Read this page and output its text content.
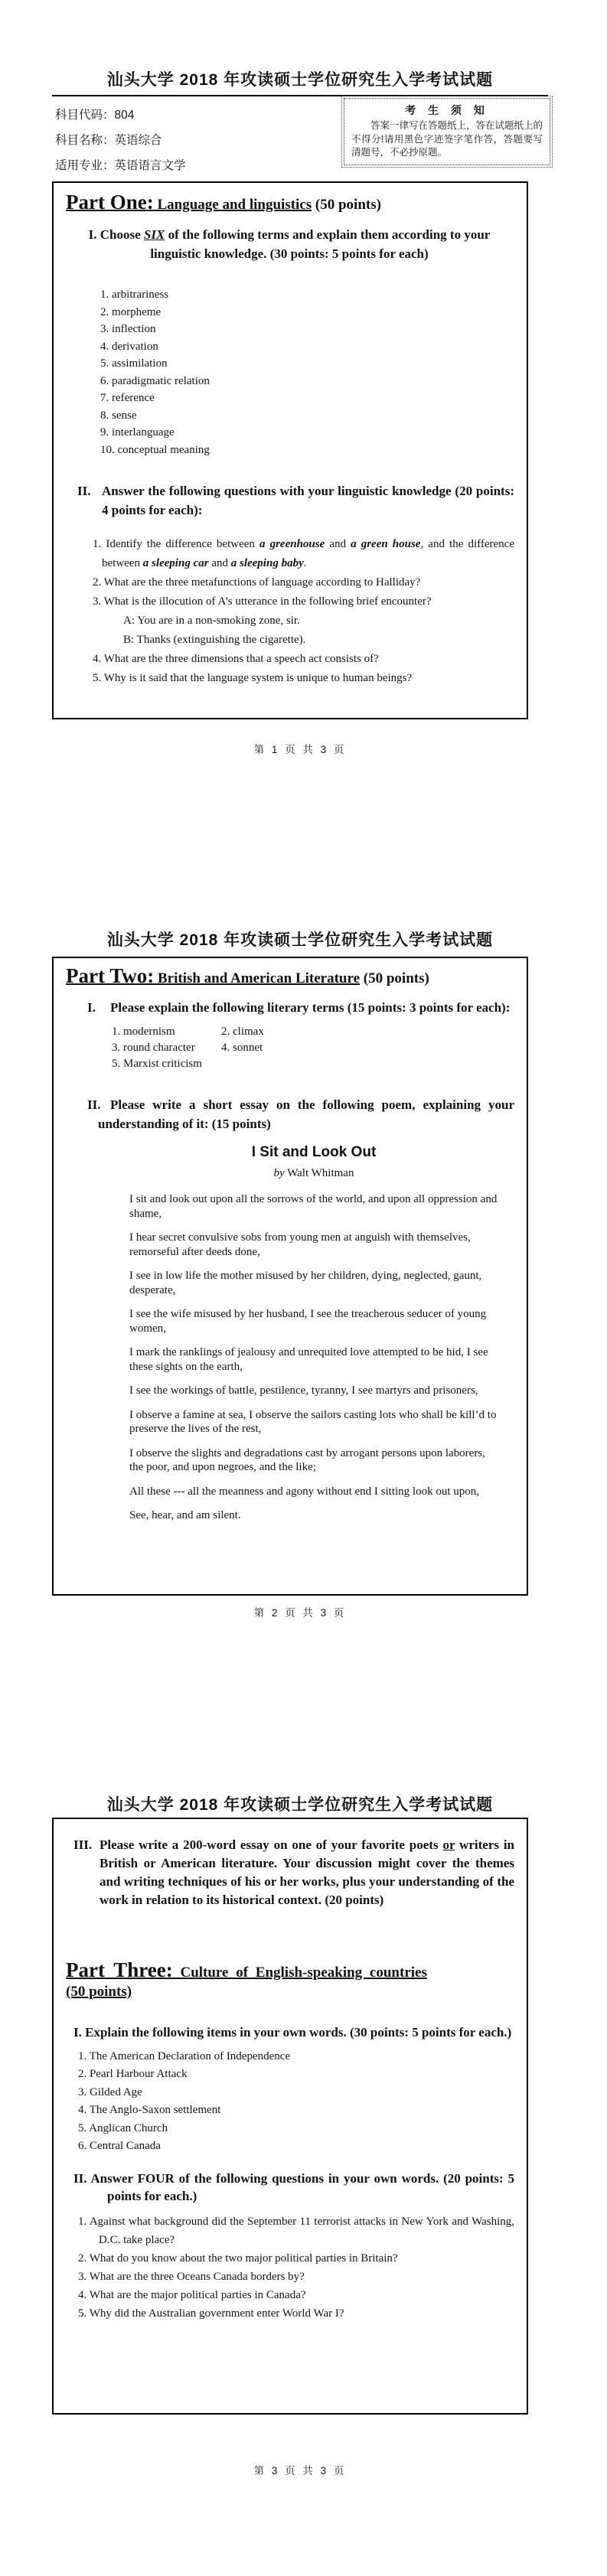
汕头大学 2018 年攻读硕士学位研究生入学考试试题
科目代码：804
科目名称：英语综合
适用专业：英语语言文学
考 生 须 知
答案一律写在答题纸上，答在试题纸上的不得分!请用黑色字迹签字笔作答，答题要写清题号，不必抄原题。
Part One: Language and linguistics (50 points)
I. Choose SIX of the following terms and explain them according to your linguistic knowledge. (30 points: 5 points for each)
1. arbitrariness
2. morpheme
3. inflection
4. derivation
5. assimilation
6. paradigmatic relation
7. reference
8. sense
9. interlanguage
10. conceptual meaning
II. Answer the following questions with your linguistic knowledge (20 points: 4 points for each):
1. Identify the difference between a greenhouse and a green house, and the difference between a sleeping car and a sleeping baby.
2. What are the three metafunctions of language according to Halliday?
3. What is the illocution of A’s utterance in the following brief encounter?
A: You are in a non-smoking zone, sir.
B: Thanks (extinguishing the cigarette).
4. What are the three dimensions that a speech act consists of?
5. Why is it said that the language system is unique to human beings?
第 1 页 共 3 页
汕头大学 2018 年攻读硕士学位研究生入学考试试题
Part Two: British and American Literature (50 points)
I. Please explain the following literary terms (15 points: 3 points for each):
1. modernism	2. climax
3. round character	4. sonnet
5. Marxist criticism
II. Please write a short essay on the following poem, explaining your understanding of it: (15 points)
I Sit and Look Out
by Walt Whitman

I sit and look out upon all the sorrows of the world, and upon all oppression and shame,

I hear secret convulsive sobs from young men at anguish with themselves, remorseful after deeds done,

I see in low life the mother misused by her children, dying, neglected, gaunt, desperate,

I see the wife misused by her husband, I see the treacherous seducer of young women,

I mark the ranklings of jealousy and unrequited love attempted to be hid, I see these sights on the earth,

I see the workings of battle, pestilence, tyranny, I see martyrs and prisoners,

I observe a famine at sea, I observe the sailors casting lots who shall be kill’d to preserve the lives of the rest,

I observe the slights and degradations cast by arrogant persons upon laborers, the poor, and upon negroes, and the like;

All these --- all the meanness and agony without end I sitting look out upon,

See, hear, and am silent.

第 2 页 共 3 页
汕头大学 2018 年攻读硕士学位研究生入学考试试题
III. Please write a 200-word essay on one of your favorite poets or writers in British or American literature. Your discussion might cover the themes and writing techniques of his or her works, plus your understanding of the work in relation to its historical context. (20 points)
Part Three: Culture of English-speaking countries
(50 points)
I. Explain the following items in your own words. (30 points: 5 points for each.)
1. The American Declaration of Independence
2. Pearl Harbour Attack
3. Gilded Age
4. The Anglo-Saxon settlement
5. Anglican Church
6. Central Canada
II. Answer FOUR of the following questions in your own words. (20 points: 5 points for each.)
1. Against what background did the September 11 terrorist attacks in New York and Washing, D.C. take place?
2. What do you know about the two major political parties in Britain?
3. What are the three Oceans Canada borders by?
4. What are the major political parties in Canada?
5. Why did the Australian government enter World War I?
第 3 页 共 3 页
